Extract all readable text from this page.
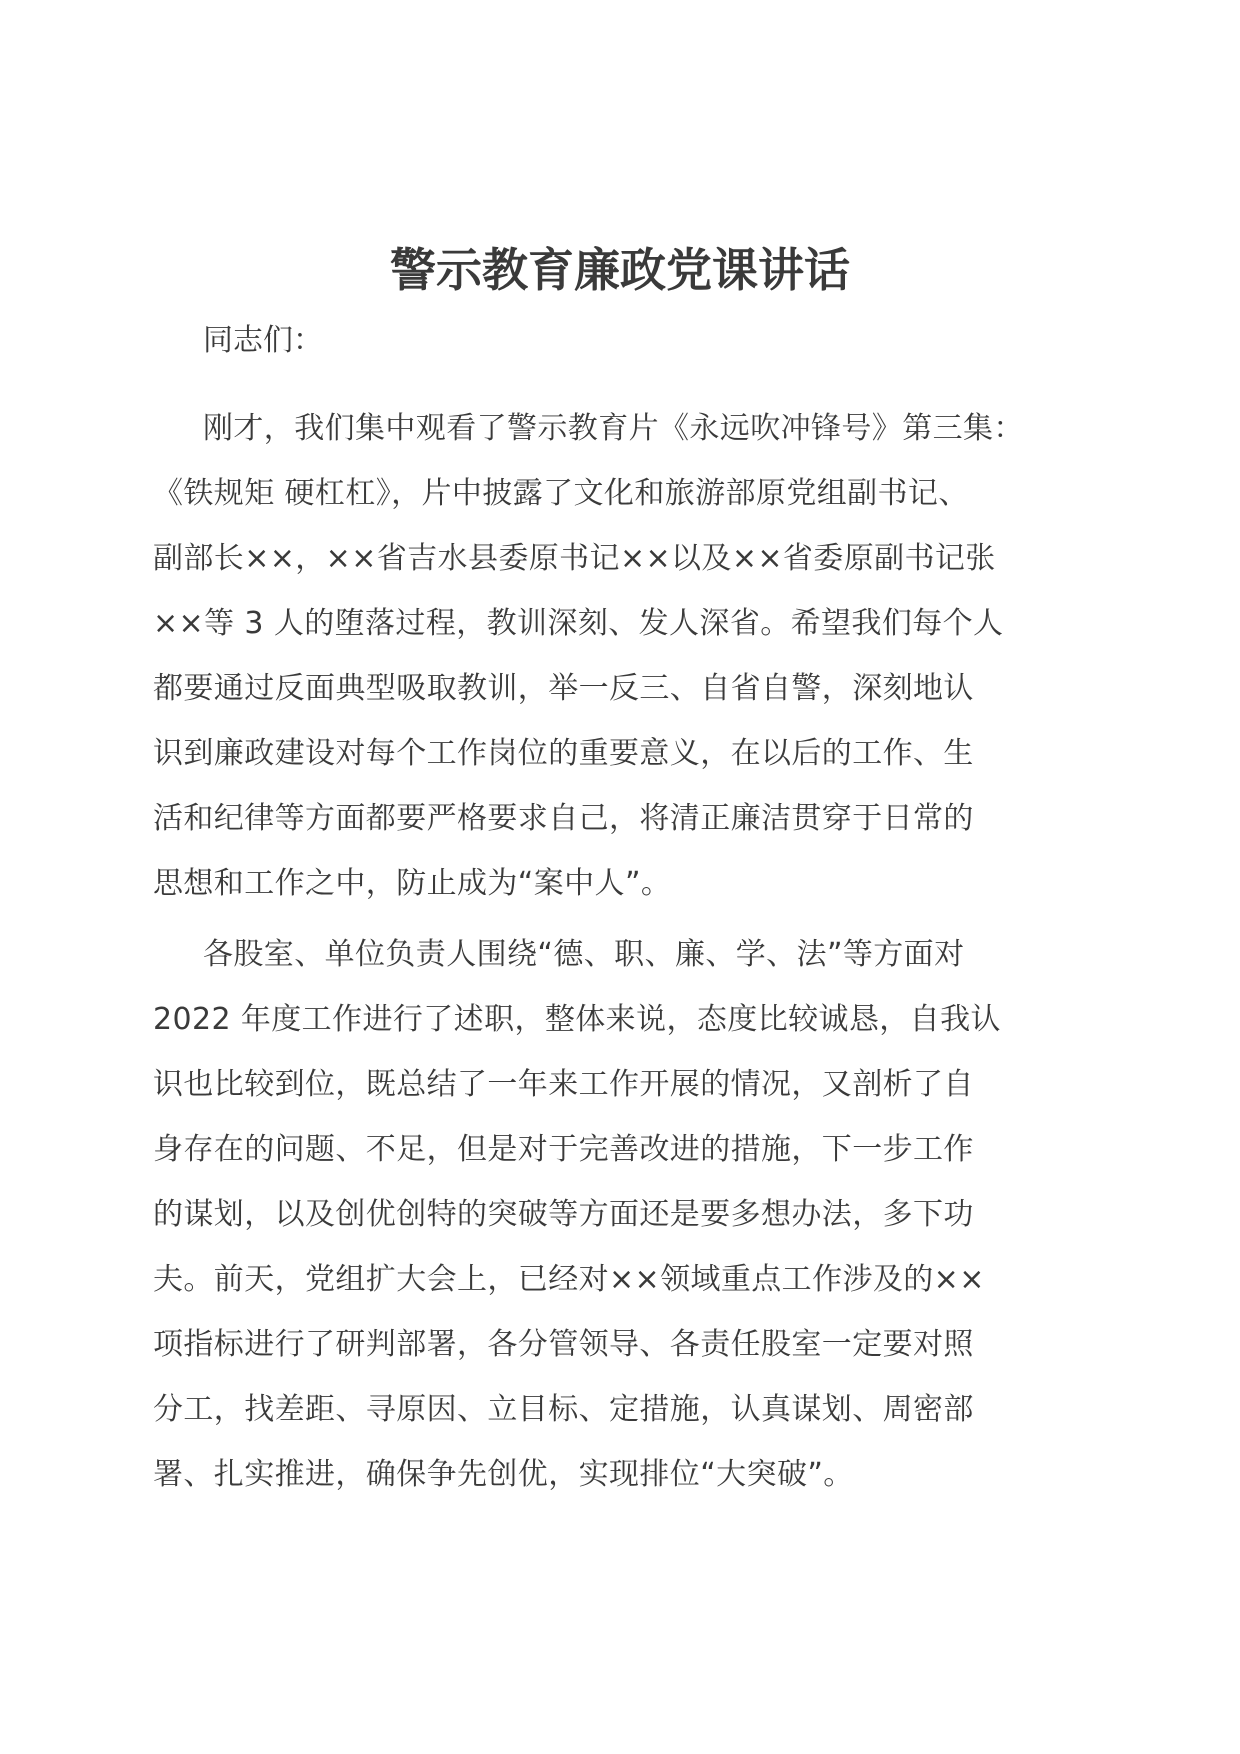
警示教育廉政党课讲话

同志们：

刚才，我们集中观看了警示教育片《永远吹冲锋号》第三集：
《铁规矩 硬杠杠》，片中披露了文化和旅游部原党组副书记、
副部长××，××省吉水县委原书记××以及××省委原副书记张
××等 3 人的堕落过程，教训深刻、发人深省。希望我们每个人
都要通过反面典型吸取教训，举一反三、自省自警，深刻地认
识到廉政建设对每个工作岗位的重要意义，在以后的工作、生
活和纪律等方面都要严格要求自己，将清正廉洁贯穿于日常的
思想和工作之中，防止成为“案中人”。
各股室、单位负责人围绕“德、职、廉、学、法”等方面对
2022 年度工作进行了述职，整体来说，态度比较诚恳，自我认
识也比较到位，既总结了一年来工作开展的情况，又剖析了自
身存在的问题、不足，但是对于完善改进的措施，下一步工作
的谋划，以及创优创特的突破等方面还是要多想办法，多下功
夫。前天，党组扩大会上，已经对××领域重点工作涉及的××
项指标进行了研判部署，各分管领导、各责任股室一定要对照
分工，找差距、寻原因、立目标、定措施，认真谋划、周密部
署、扎实推进，确保争先创优，实现排位“大突破”。
